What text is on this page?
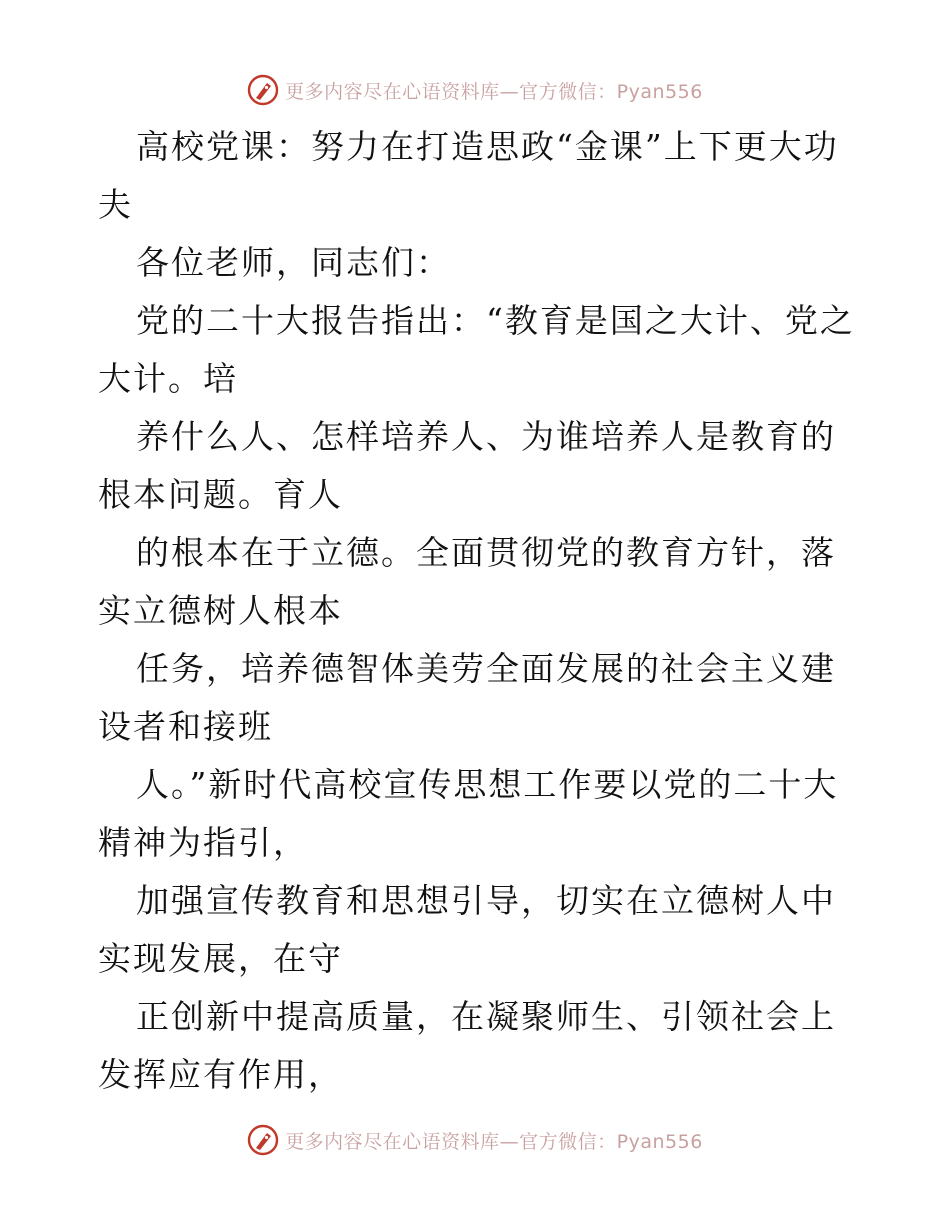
更多内容尽在心语资料库—官方微信：Pyan556

高校党课：努力在打造思政“金课”上下更大功夫

各位老师，同志们：

党的二十大报告指出：“教育是国之大计、党之大计。培

养什么人、怎样培养人、为谁培养人是教育的根本问题。育人

的根本在于立德。全面贯彻党的教育方针，落实立德树人根本

任务，培养德智体美劳全面发展的社会主义建设者和接班

人。”新时代高校宣传思想工作要以党的二十大精神为指引，

加强宣传教育和思想引导，切实在立德树人中实现发展，在守

正创新中提高质量，在凝聚师生、引领社会上发挥应有作用，

更多内容尽在心语资料库—官方微信：Pyan556
